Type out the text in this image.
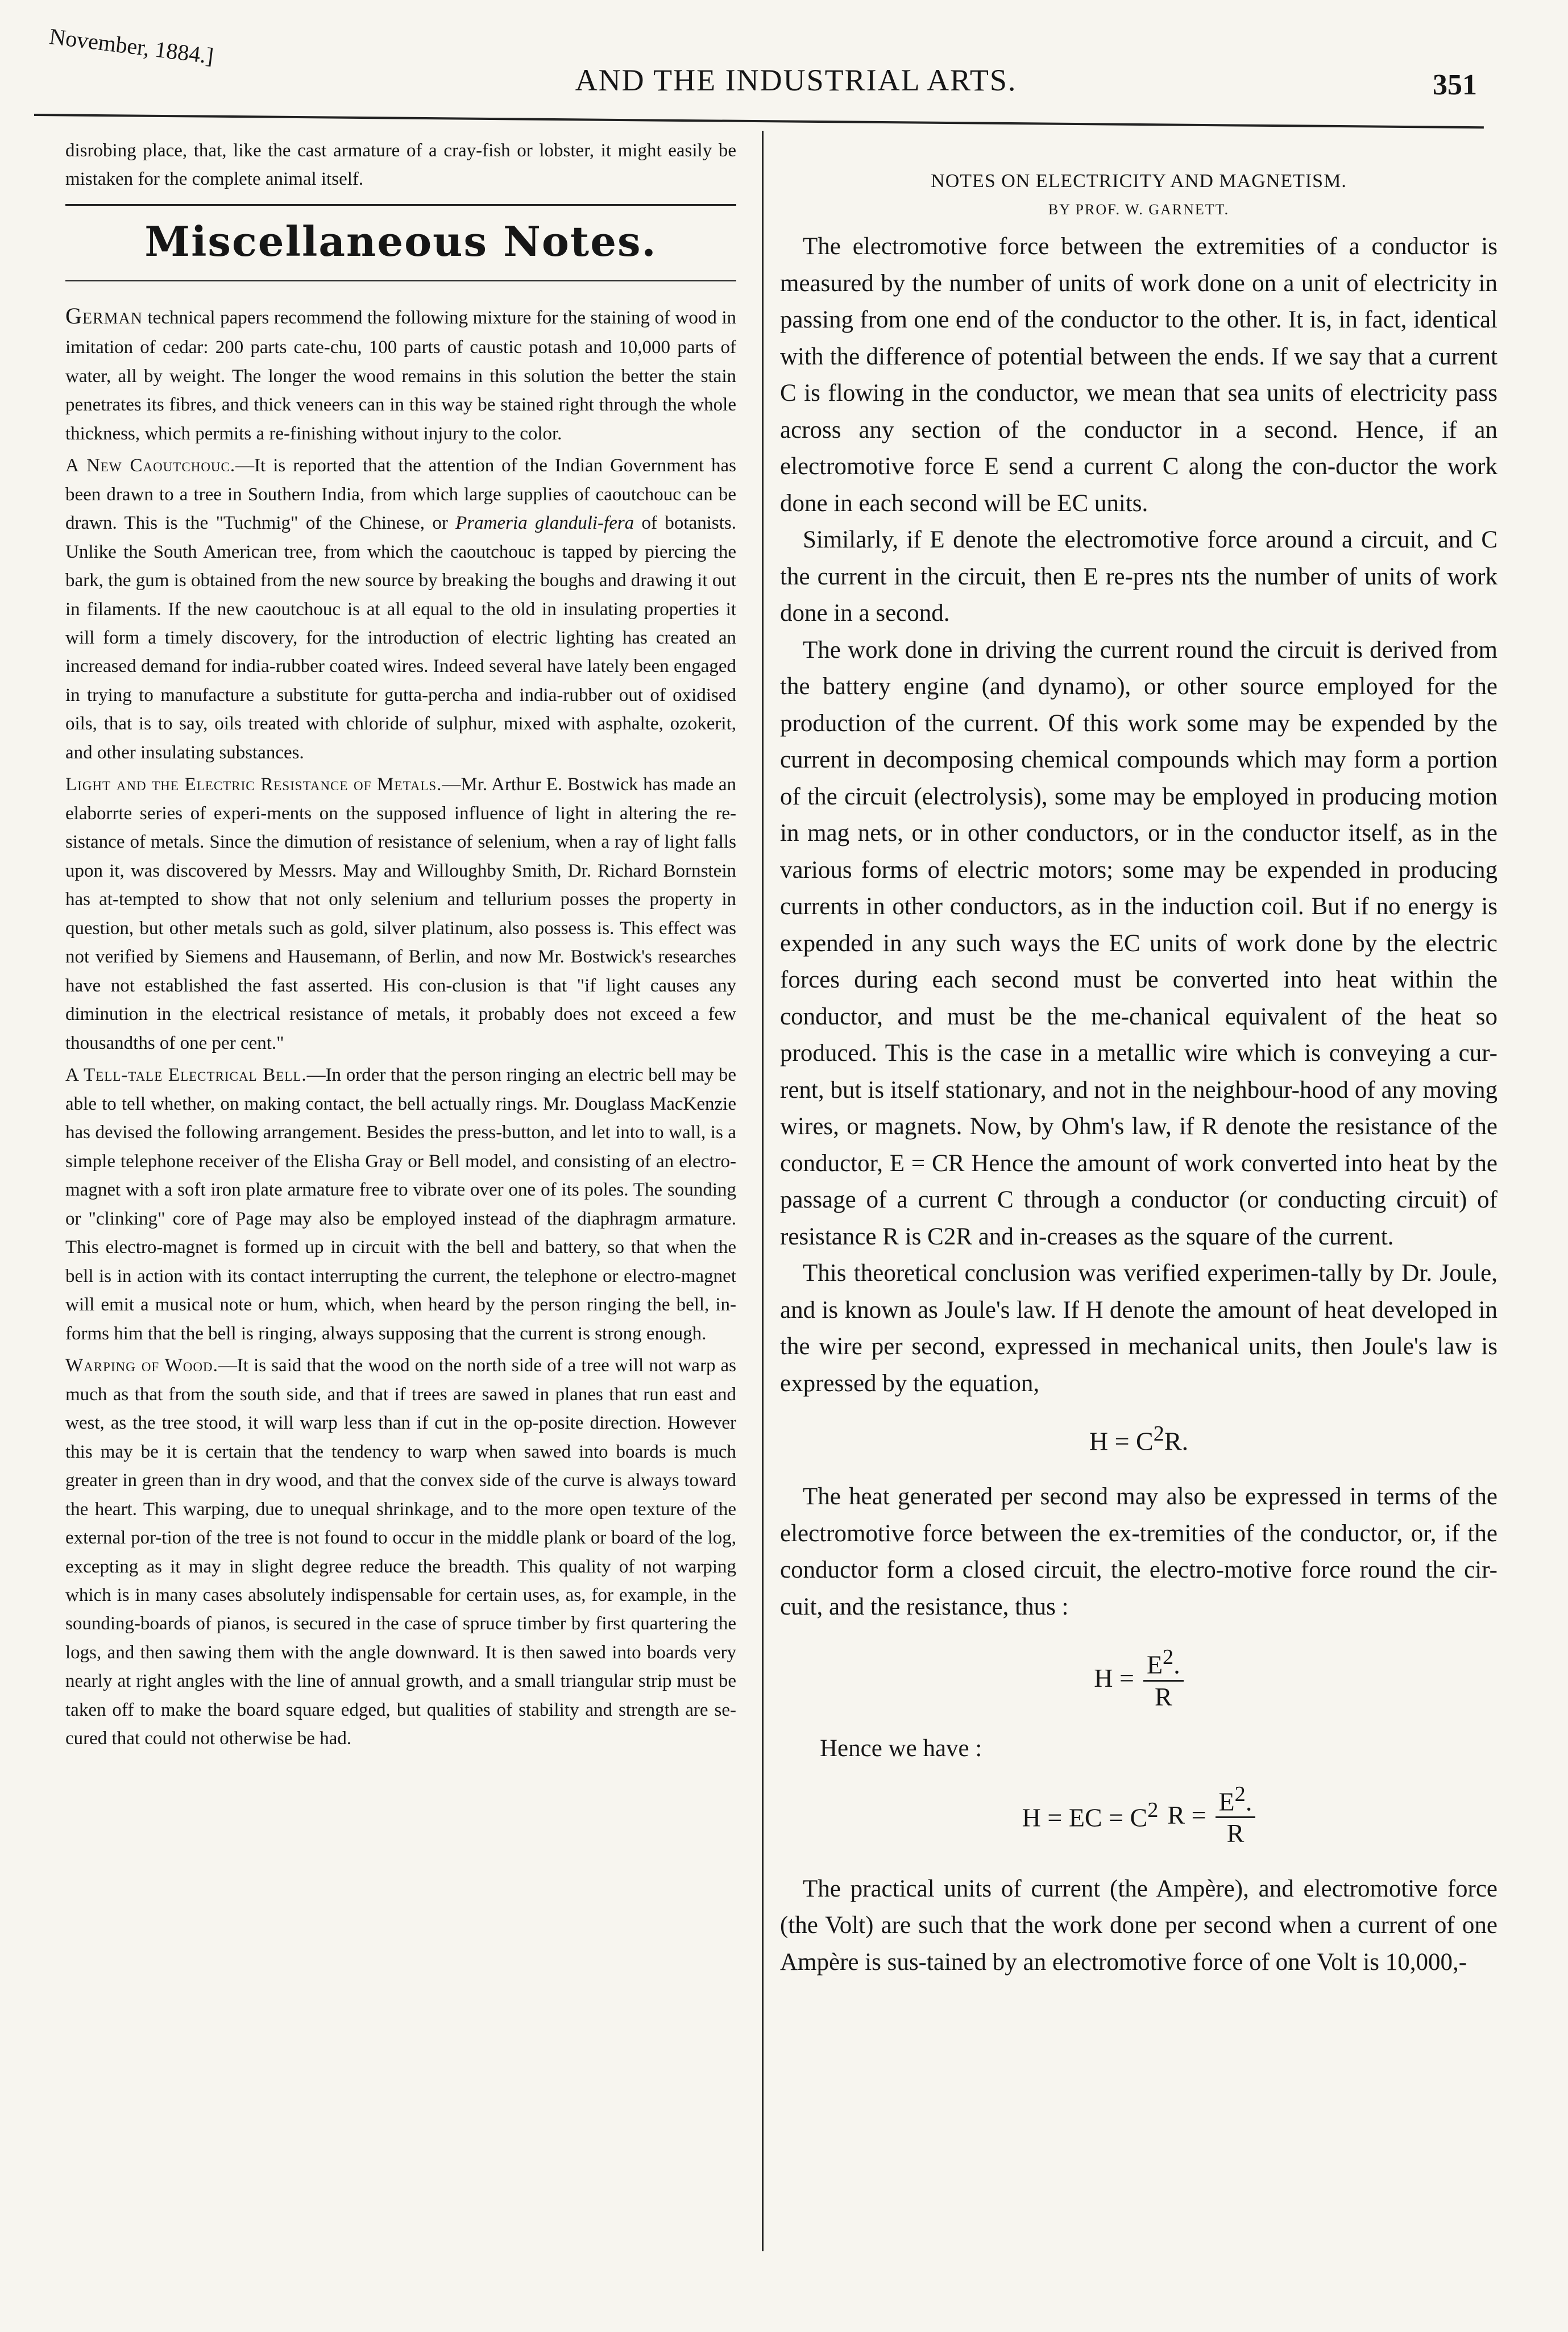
November, 1884.]
AND THE INDUSTRIAL ARTS.	351

disrobing place, that, like the cast armature of a cray-fish or lobster, it might easily be mistaken for the complete animal itself.

Miscellaneous Notes.

German technical papers recommend the following mixture for the staining of wood in imitation of cedar: 200 parts cate-chu, 100 parts of caustic potash and 10,000 parts of water, all by weight. The longer the wood remains in this solution the better the stain penetrates its fibres, and thick veneers can in this way be stained right through the whole thickness, which permits a re-finishing without injury to the color.

A New Caoutchouc.—It is reported that the attention of the Indian Government has been drawn to a tree in Southern India, from which large supplies of caoutchouc can be drawn. This is the "Tuchmig" of the Chinese, or Prameria glanduli-fera of botanists. Unlike the South American tree, from which the caoutchouc is tapped by piercing the bark, the gum is obtained from the new source by breaking the boughs and drawing it out in filaments. If the new caoutchouc is at all equal to the old in insulating properties it will form a timely discovery, for the introduction of electric lighting has created an increased demand for india-rubber coated wires. Indeed several have lately been engaged in trying to manufacture a substitute for gutta-percha and india-rubber out of oxidised oils, that is to say, oils treated with chloride of sulphur, mixed with asphalte, ozokerit, and other insulating substances.

Light and the Electric Resistance of Metals.—Mr. Arthur E. Bostwick has made an elaborrte series of experi-ments on the supposed influence of light in altering the re-sistance of metals. Since the dimution of resistance of selenium, when a ray of light falls upon it, was discovered by Messrs. May and Willoughby Smith, Dr. Richard Bornstein has at-tempted to show that not only selenium and tellurium posses the property in question, but other metals such as gold, silver platinum, also possess is. This effect was not verified by Siemens and Hausemann, of Berlin, and now Mr. Bostwick's researches have not established the fast asserted. His con-clusion is that "if light causes any diminution in the electrical resistance of metals, it probably does not exceed a few thousandths of one per cent."

A Tell-tale Electrical Bell.—In order that the person ringing an electric bell may be able to tell whether, on making contact, the bell actually rings. Mr. Douglass MacKenzie has devised the following arrangement. Besides the press-button, and let into to wall, is a simple telephone receiver of the Elisha Gray or Bell model, and consisting of an electro-magnet with a soft iron plate armature free to vibrate over one of its poles. The sounding or "clinking" core of Page may also be employed instead of the diaphragm armature. This electro-magnet is formed up in circuit with the bell and battery, so that when the bell is in action with its contact interrupting the current, the telephone or electro-magnet will emit a musical note or hum, which, when heard by the person ringing the bell, in-forms him that the bell is ringing, always supposing that the current is strong enough.

Warping of Wood.—It is said that the wood on the north side of a tree will not warp as much as that from the south side, and that if trees are sawed in planes that run east and west, as the tree stood, it will warp less than if cut in the op-posite direction. However this may be it is certain that the tendency to warp when sawed into boards is much greater in green than in dry wood, and that the convex side of the curve is always toward the heart. This warping, due to unequal shrinkage, and to the more open texture of the external por-tion of the tree is not found to occur in the middle plank or board of the log, excepting as it may in slight degree reduce the breadth. This quality of not warping which is in many cases absolutely indispensable for certain uses, as, for example, in the sounding-boards of pianos, is secured in the case of spruce timber by first quartering the logs, and then sawing them with the angle downward. It is then sawed into boards very nearly at right angles with the line of annual growth, and a small triangular strip must be taken off to make the board square edged, but qualities of stability and strength are se-cured that could not otherwise be had.

NOTES ON ELECTRICITY AND MAGNETISM.
BY PROF. W. GARNETT.

The electromotive force between the extremities of a conductor is measured by the number of units of work done on a unit of electricity in passing from one end of the conductor to the other. It is, in fact, identical with the difference of potential between the ends. If we say that a current C is flowing in the conductor, we mean that sea units of electricity pass across any section of the conductor in a second. Hence, if an electromotive force E send a current C along the con-ductor the work done in each second will be EC units.

Similarly, if E denote the electromotive force around a circuit, and C the current in the circuit, then E re-pres nts the number of units of work done in a second.

The work done in driving the current round the circuit is derived from the battery engine (and dynamo), or other source employed for the production of the current. Of this work some may be expended by the current in decomposing chemical compounds which may form a portion of the circuit (electrolysis), some may be employed in producing motion in mag nets, or in other conductors, or in the conductor itself, as in the various forms of electric motors; some may be expended in producing currents in other conductors, as in the induction coil. But if no energy is expended in any such ways the EC units of work done by the electric forces during each second must be converted into heat within the conductor, and must be the me-chanical equivalent of the heat so produced. This is the case in a metallic wire which is conveying a cur-rent, but is itself stationary, and not in the neighbour-hood of any moving wires, or magnets. Now, by Ohm's law, if R denote the resistance of the conductor, E = CR Hence the amount of work converted into heat by the passage of a current C through a conductor (or conducting circuit) of resistance R is C2R and in-creases as the square of the current.

This theoretical conclusion was verified experimen-tally by Dr. Joule, and is known as Joule's law. If H denote the amount of heat developed in the wire per second, expressed in mechanical units, then Joule's law is expressed by the equation,

$H = C^2R$.

The heat generated per second may also be expressed in terms of the electromotive force between the ex-tremities of the conductor, or, if the conductor form a closed circuit, the electro-motive force round the cir-cuit, and the resistance, thus :

$H = \frac{E^2.}{R}$
Hence we have :
H = EC = $C^2$ $R = \frac{E^2.}{R}$

The practical units of current (the Ampère), and electromotive force (the Volt) are such that the work done per second when a current of one Ampère is sus-tained by an electromotive force of one Volt is 10,000,-
